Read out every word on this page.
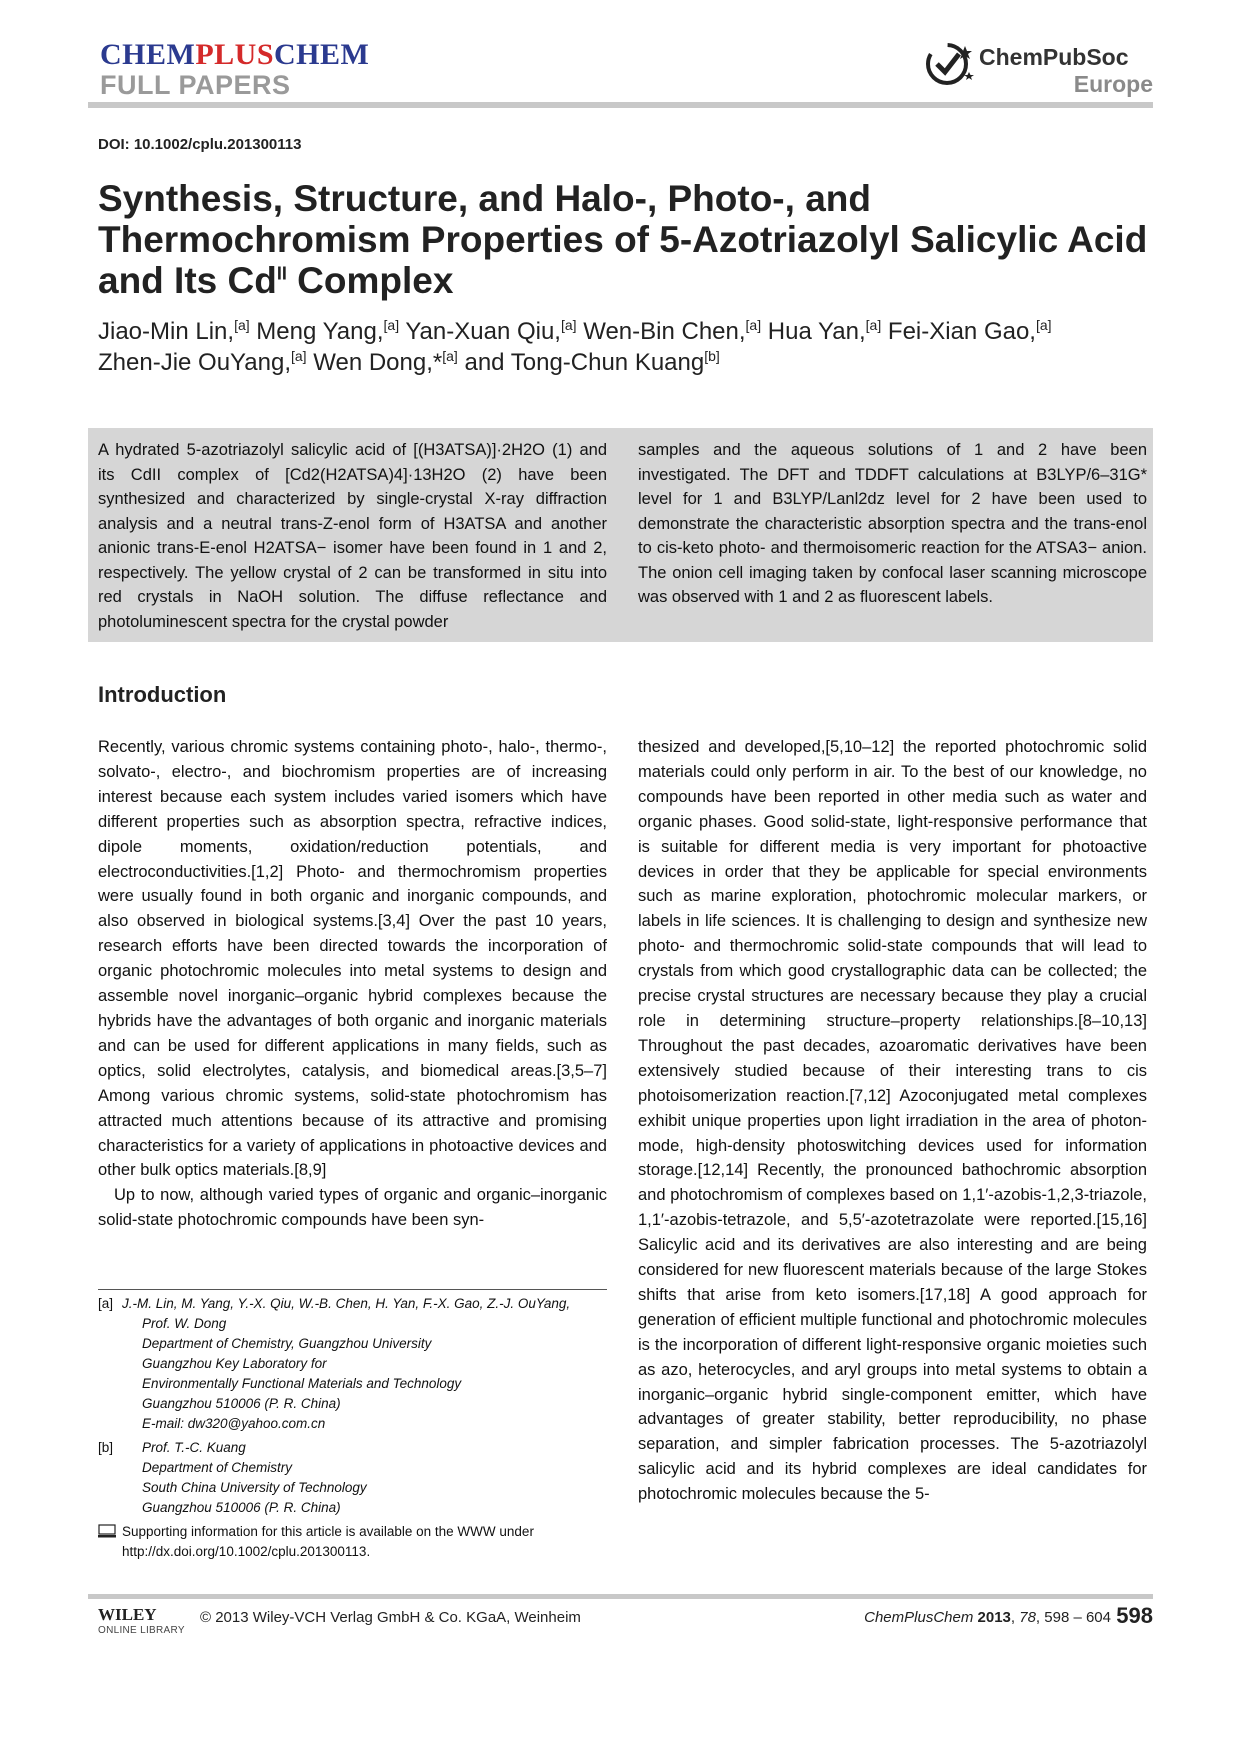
CHEMPLUSCHEM
FULL PAPERS
ChemPubSoc
Europe
DOI: 10.1002/cplu.201300113
Synthesis, Structure, and Halo-, Photo-, and Thermochromism Properties of 5-Azotriazolyl Salicylic Acid and Its $Cd^{II}$ Complex
Jiao-Min Lin,[a] Meng Yang,[a] Yan-Xuan Qiu,[a] Wen-Bin Chen,[a] Hua Yan,[a] Fei-Xian Gao,[a]
Zhen-Jie OuYang,[a] Wen Dong,*[a] and Tong-Chun Kuang[b]
A hydrated 5-azotriazolyl salicylic acid of [(H3ATSA)]·2H2O (1) and its CdII complex of [Cd2(H2ATSA)4]·13H2O (2) have been synthesized and characterized by single-crystal X-ray diffraction analysis and a neutral trans-Z-enol form of H3ATSA and another anionic trans-E-enol H2ATSA− isomer have been found in 1 and 2, respectively. The yellow crystal of 2 can be transformed in situ into red crystals in NaOH solution. The diffuse reflectance and photoluminescent spectra for the crystal powder
samples and the aqueous solutions of 1 and 2 have been investigated. The DFT and TDDFT calculations at B3LYP/6–31G* level for 1 and B3LYP/Lanl2dz level for 2 have been used to demonstrate the characteristic absorption spectra and the trans-enol to cis-keto photo- and thermoisomeric reaction for the ATSA3− anion. The onion cell imaging taken by confocal laser scanning microscope was observed with 1 and 2 as fluorescent labels.
Introduction

Recently, various chromic systems containing photo-, halo-, thermo-, solvato-, electro-, and biochromism properties are of increasing interest because each system includes varied isomers which have different properties such as absorption spectra, refractive indices, dipole moments, oxidation/reduction potentials, and electroconductivities.[1,2] Photo- and thermochromism properties were usually found in both organic and inorganic compounds, and also observed in biological systems.[3,4] Over the past 10 years, research efforts have been directed towards the incorporation of organic photochromic molecules into metal systems to design and assemble novel inorganic–organic hybrid complexes because the hybrids have the advantages of both organic and inorganic materials and can be used for different applications in many fields, such as optics, solid electrolytes, catalysis, and biomedical areas.[3,5–7] Among various chromic systems, solid-state photochromism has attracted much attentions because of its attractive and promising characteristics for a variety of applications in photoactive devices and other bulk optics materials.[8,9]

Up to now, although varied types of organic and organic–inorganic solid-state photochromic compounds have been syn-

thesized and developed,[5,10–12] the reported photochromic solid materials could only perform in air. To the best of our knowledge, no compounds have been reported in other media such as water and organic phases. Good solid-state, light-responsive performance that is suitable for different media is very important for photoactive devices in order that they be applicable for special environments such as marine exploration, photochromic molecular markers, or labels in life sciences. It is challenging to design and synthesize new photo- and thermochromic solid-state compounds that will lead to crystals from which good crystallographic data can be collected; the precise crystal structures are necessary because they play a crucial role in determining structure–property relationships.[8–10,13] Throughout the past decades, azoaromatic derivatives have been extensively studied because of their interesting trans to cis photoisomerization reaction.[7,12] Azoconjugated metal complexes exhibit unique properties upon light irradiation in the area of photon-mode, high-density photoswitching devices used for information storage.[12,14] Recently, the pronounced bathochromic absorption and photochromism of complexes based on 1,1′-azobis-1,2,3-triazole, 1,1′-azobis-tetrazole, and 5,5′-azotetrazolate were reported.[15,16] Salicylic acid and its derivatives are also interesting and are being considered for new fluorescent materials because of the large Stokes shifts that arise from keto isomers.[17,18] A good approach for generation of efficient multiple functional and photochromic molecules is the incorporation of different light-responsive organic moieties such as azo, heterocycles, and aryl groups into metal systems to obtain a inorganic–organic hybrid single-component emitter, which have advantages of greater stability, better reproducibility, no phase separation, and simpler fabrication processes. The 5-azotriazolyl salicylic acid and its hybrid complexes are ideal candidates for photochromic molecules because the 5-

[a] J.-M. Lin, M. Yang, Y.-X. Qiu, W.-B. Chen, H. Yan, F.-X. Gao, Z.-J. OuYang,
Prof. W. Dong
Department of Chemistry, Guangzhou University
Guangzhou Key Laboratory for
Environmentally Functional Materials and Technology
Guangzhou 510006 (P. R. China)
E-mail: dw320@yahoo.com.cn
[b]	Prof. T.-C. Kuang
Department of Chemistry
South China University of Technology
Guangzhou 510006 (P. R. China)
Supporting information for this article is available on the WWW under
http://dx.doi.org/10.1002/cplu.201300113.
WILEY
ONLINE LIBRARY
© 2013 Wiley-VCH Verlag GmbH & Co. KGaA, Weinheim	ChemPlusChem 2013, 78, 598 – 604 598
